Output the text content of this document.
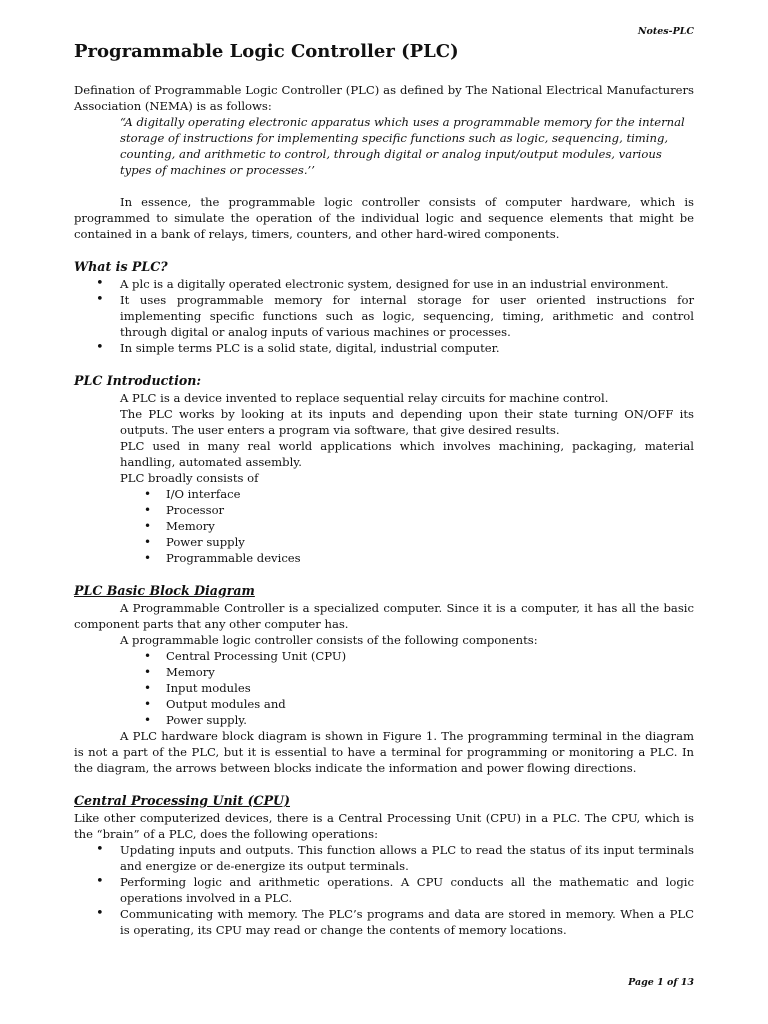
Notes-PLC
Programmable Logic Controller (PLC)

Defination of Programmable Logic Controller (PLC) as defined by The National Electrical Manufacturers Association (NEMA) is as follows:

“A digitally operating electronic apparatus which uses a programmable memory for the internal storage of instructions for implementing specific functions such as logic, sequencing, timing, counting, and arithmetic to control, through digital or analog input/output modules, various types of machines or processes.’’

In essence, the programmable logic controller consists of computer hardware, which is programmed to simulate the operation of the individual logic and sequence elements that might be contained in a bank of relays, timers, counters, and other hard-wired components.

What is PLC?
• A plc is a digitally operated electronic system, designed for use in an industrial environment.
• It uses programmable memory for internal storage for user oriented instructions for implementing specific functions such as logic, sequencing, timing, arithmetic and control through digital or analog inputs of various machines or processes.
• In simple terms PLC is a solid state, digital, industrial computer.
PLC Introduction:

A PLC is a device invented to replace sequential relay circuits for machine control.

The PLC works by looking at its inputs and depending upon their state turning ON/OFF its outputs. The user enters a program via software, that give desired results.

PLC used in many real world applications which involves machining, packaging, material handling, automated assembly.

PLC broadly consists of

• I/O interface
• Processor
• Memory
• Power supply
• Programmable devices
PLC Basic Block Diagram

A Programmable Controller is a specialized computer. Since it is a computer, it has all the basic component parts that any other computer has.

A programmable logic controller consists of the following components:

• Central Processing Unit (CPU)
• Memory
• Input modules
• Output modules and
• Power supply.

A PLC hardware block diagram is shown in Figure 1. The programming terminal in the diagram is not a part of the PLC, but it is essential to have a terminal for programming or monitoring a PLC. In the diagram, the arrows between blocks indicate the information and power flowing directions.

Central Processing Unit (CPU)

Like other computerized devices, there is a Central Processing Unit (CPU) in a PLC. The CPU, which is the “brain” of a PLC, does the following operations:

• Updating inputs and outputs. This function allows a PLC to read the status of its input terminals and energize or de-energize its output terminals.
• Performing logic and arithmetic operations. A CPU conducts all the mathematic and logic operations involved in a PLC.
• Communicating with memory. The PLC’s programs and data are stored in memory. When a PLC is operating, its CPU may read or change the contents of memory locations.
Page 1 of 13
